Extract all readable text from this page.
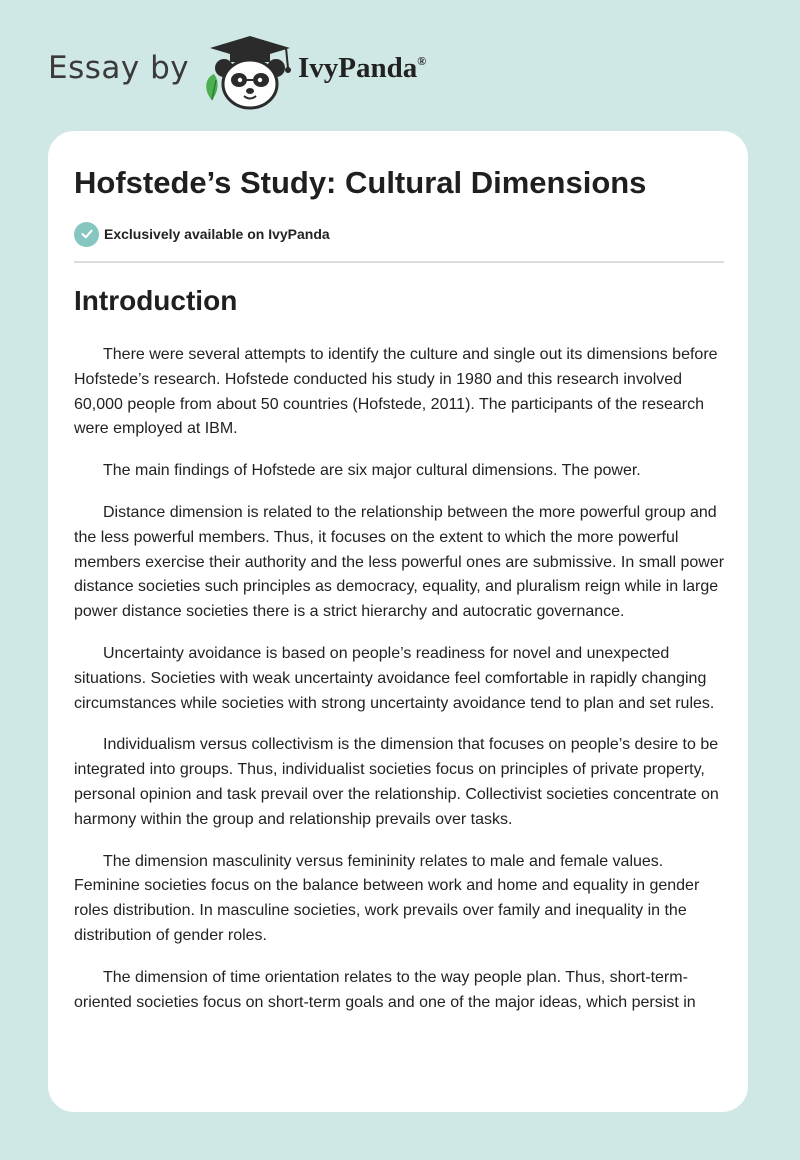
Essay by	IvyPanda®
Hofstede’s Study: Cultural Dimensions
Exclusively available on IvyPanda
Introduction

There were several attempts to identify the culture and single out its dimensions before Hofstede’s research. Hofstede conducted his study in 1980 and this research involved 60,000 people from about 50 countries (Hofstede, 2011). The participants of the research were employed at IBM.

The main findings of Hofstede are six major cultural dimensions. The power.

Distance dimension is related to the relationship between the more powerful group and the less powerful members. Thus, it focuses on the extent to which the more powerful members exercise their authority and the less powerful ones are submissive. In small power distance societies such principles as democracy, equality, and pluralism reign while in large power distance societies there is a strict hierarchy and autocratic governance.

Uncertainty avoidance is based on people’s readiness for novel and unexpected situations. Societies with weak uncertainty avoidance feel comfortable in rapidly changing circumstances while societies with strong uncertainty avoidance tend to plan and set rules.

Individualism versus collectivism is the dimension that focuses on people’s desire to be integrated into groups. Thus, individualist societies focus on principles of private property, personal opinion and task prevail over the relationship. Collectivist societies concentrate on harmony within the group and relationship prevails over tasks.

The dimension masculinity versus femininity relates to male and female values. Feminine societies focus on the balance between work and home and equality in gender roles distribution. In masculine societies, work prevails over family and inequality in the distribution of gender roles.

The dimension of time orientation relates to the way people plan. Thus, short-term-oriented societies focus on short-term goals and one of the major ideas, which persist in
